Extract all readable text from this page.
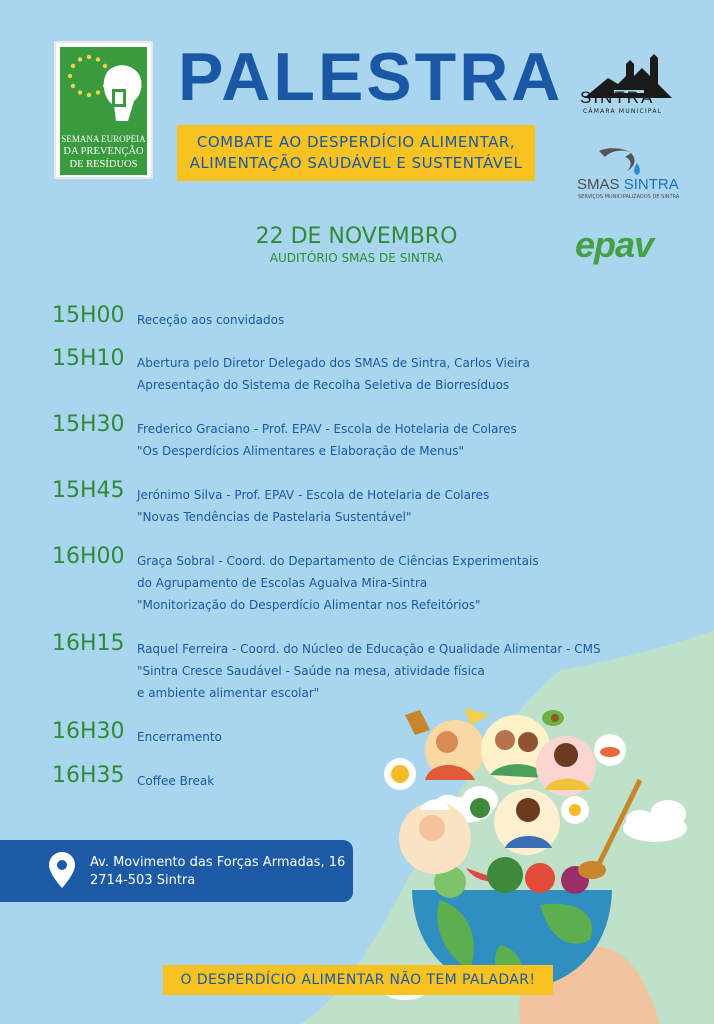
SEMANA EUROPEIA
DA PREVENÇÃO
DE RESÍDUOS
PALESTRA
COMBATE AO DESPERDÍCIO ALIMENTAR,
ALIMENTAÇÃO SAUDÁVEL E SUSTENTÁVEL
SINTRA
CÂMARA MUNICIPAL
SMAS SINTRA
SERVIÇOS MUNICIPALIZADOS DE SINTRA
epav
22 DE NOVEMBRO
AUDITÓRIO SMAS DE SINTRA
15H00 Receção aos convidados
15H10 Abertura pelo Diretor Delegado dos SMAS de Sintra, Carlos Vieira
Apresentação do Sistema de Recolha Seletiva de Biorresíduos
15H30 Frederico Graciano - Prof. EPAV - Escola de Hotelaria de Colares
"Os Desperdícios Alimentares e Elaboração de Menus"
15H45 Jerónimo Silva - Prof. EPAV - Escola de Hotelaria de Colares
"Novas Tendências de Pastelaria Sustentável"
16H00 Graça Sobral - Coord. do Departamento de Ciências Experimentais
do Agrupamento de Escolas Agualva Mira-Sintra
"Monitorização do Desperdício Alimentar nos Refeitórios"
16H15 Raquel Ferreira - Coord. do Núcleo de Educação e Qualidade Alimentar - CMS
"Sintra Cresce Saudável - Saúde na mesa, atividade física
e ambiente alimentar escolar"
16H30 Encerramento
16H35 Coffee Break
Av. Movimento das Forças Armadas, 16
2714-503 Sintra
O DESPERDÍCIO ALIMENTAR NÃO TEM PALADAR!
